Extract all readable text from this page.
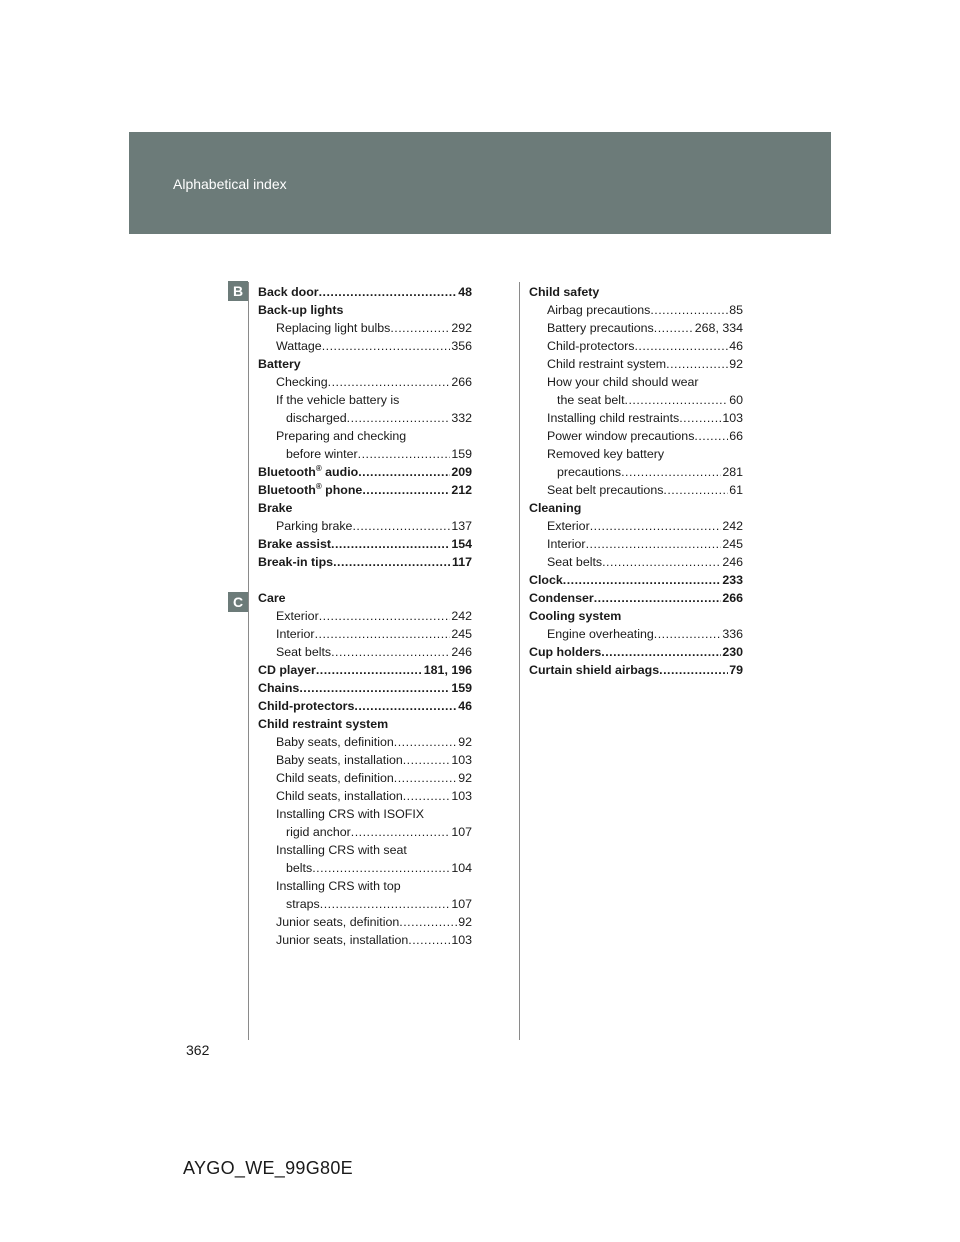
Alphabetical index
B
C
Back door .....	48
Back-up lights
Replacing light bulbs .....	292
Wattage .....	356
Battery
Checking .....	266
If the vehicle battery is
discharged .....	332
Preparing and checking
before winter .....	159
Bluetooth® audio .....	209
Bluetooth® phone .....	212
Brake
Parking brake .....	137
Brake assist .....	154
Break-in tips .....	117
Care
Exterior .....	242
Interior .....	245
Seat belts .....	246
CD player .....	181, 196
Chains .....	159
Child-protectors .....	46
Child restraint system
Baby seats, definition .....	92
Baby seats, installation .....	103
Child seats, definition .....	92
Child seats, installation .....	103
Installing CRS with ISOFIX
rigid anchor .....	107
Installing CRS with seat
belts .....	104
Installing CRS with top
straps .....	107
Junior seats, definition .....	92
Junior seats, installation .....	103
Child safety
Airbag precautions .....	85
Battery precautions .....	268, 334
Child-protectors .....	46
Child restraint system .....	92
How your child should wear
the seat belt .....	60
Installing child restraints .....	103
Power window precautions .....	66
Removed key battery
precautions .....	281
Seat belt precautions .....	61
Cleaning
Exterior .....	242
Interior .....	245
Seat belts .....	246
Clock .....	233
Condenser .....	266
Cooling system
Engine overheating .....	336
Cup holders .....	230
Curtain shield airbags .....	79
362
AYGO_WE_99G80E
